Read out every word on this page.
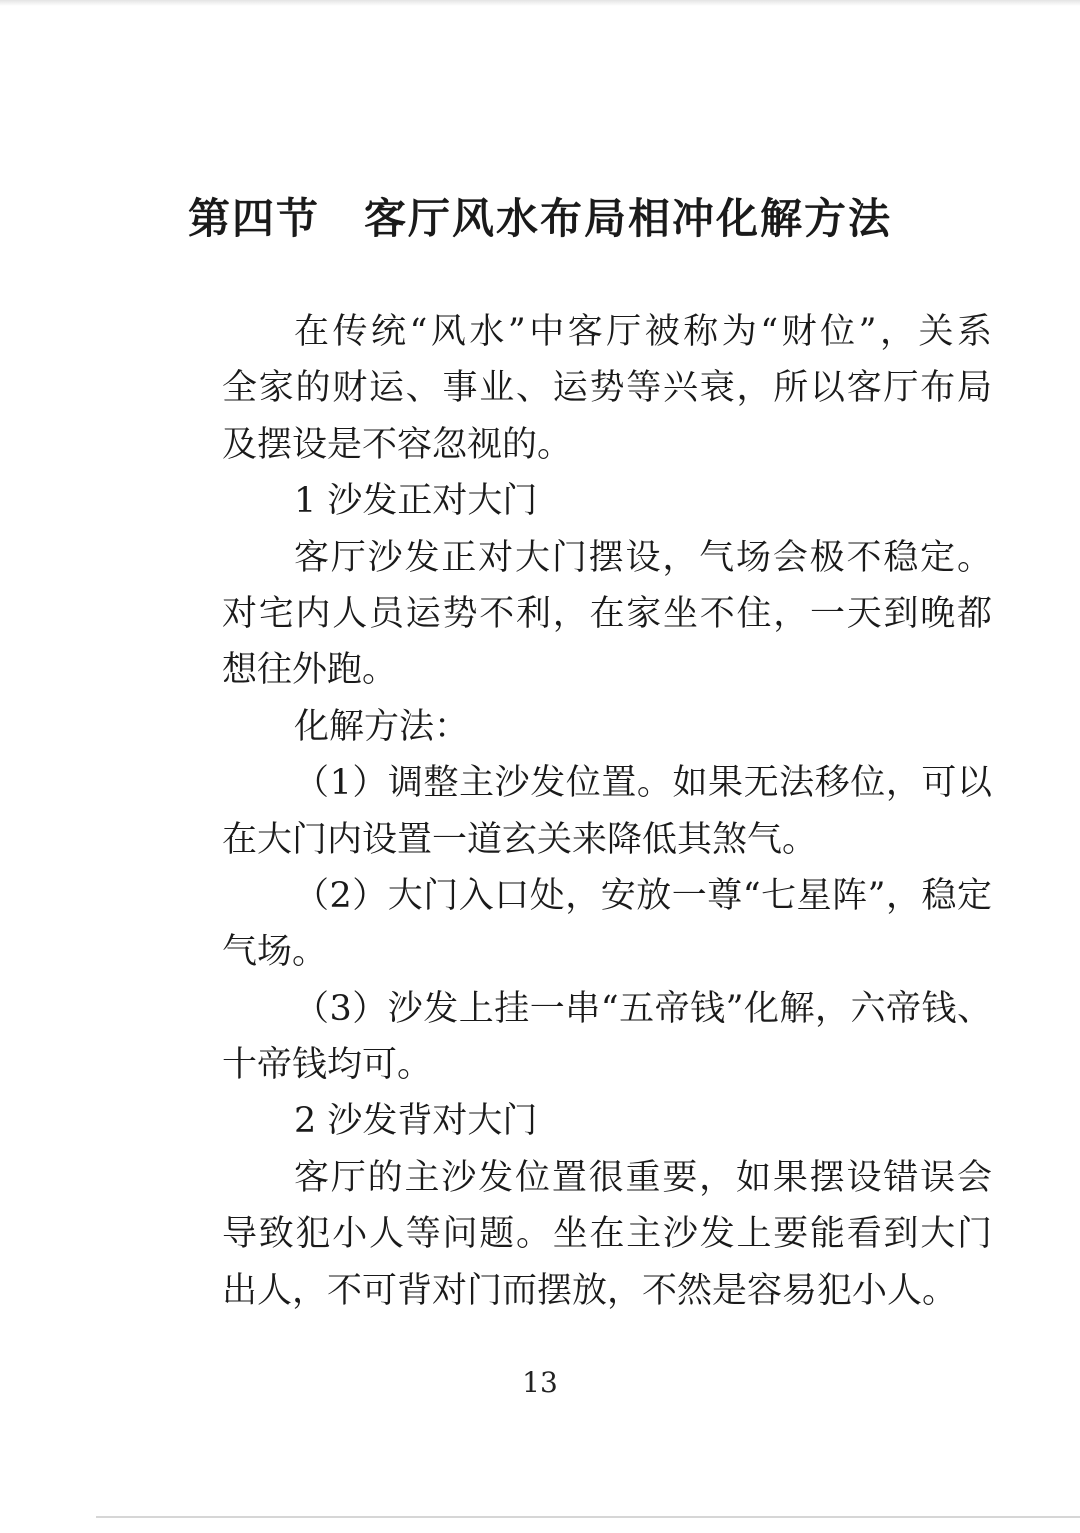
第四节　客厅风水布局相冲化解方法
在传统“风水”中客厅被称为“财位”，关系
全家的财运、事业、运势等兴衰，所以客厅布局
及摆设是不容忽视的。
1 沙发正对大门
客厅沙发正对大门摆设，气场会极不稳定。
对宅内人员运势不利，在家坐不住，一天到晚都
想往外跑。
化解方法：
（1）调整主沙发位置。如果无法移位，可以
在大门内设置一道玄关来降低其煞气。
（2）大门入口处，安放一尊“七星阵”，稳定
气场。
（3）沙发上挂一串“五帝钱”化解，六帝钱、
十帝钱均可。
2 沙发背对大门
客厅的主沙发位置很重要，如果摆设错误会
导致犯小人等问题。坐在主沙发上要能看到大门
出人，不可背对门而摆放，不然是容易犯小人。
13
